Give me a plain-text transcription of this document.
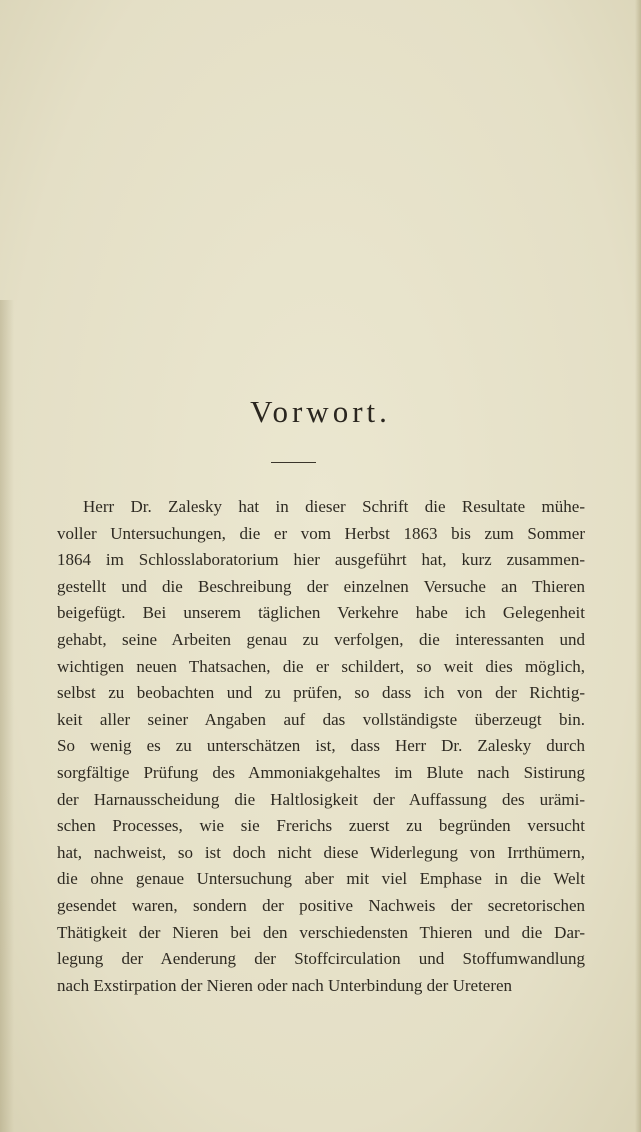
Vorwort.
Herr Dr. Zalesky hat in dieser Schrift die Resultate mühe-
voller Untersuchungen, die er vom Herbst 1863 bis zum Sommer
1864 im Schlosslaboratorium hier ausgeführt hat, kurz zusammen-
gestellt und die Beschreibung der einzelnen Versuche an Thieren
beigefügt. Bei unserem täglichen Verkehre habe ich Gelegenheit
gehabt, seine Arbeiten genau zu verfolgen, die interessanten und
wichtigen neuen Thatsachen, die er schildert, so weit dies möglich,
selbst zu beobachten und zu prüfen, so dass ich von der Richtig-
keit aller seiner Angaben auf das vollständigste überzeugt bin.
So wenig es zu unterschätzen ist, dass Herr Dr. Zalesky durch
sorgfältige Prüfung des Ammoniakgehaltes im Blute nach Sistirung
der Harnausscheidung die Haltlosigkeit der Auffassung des urämi-
schen Processes, wie sie Frerichs zuerst zu begründen versucht
hat, nachweist, so ist doch nicht diese Widerlegung von Irrthümern,
die ohne genaue Untersuchung aber mit viel Emphase in die Welt
gesendet waren, sondern der positive Nachweis der secretorischen
Thätigkeit der Nieren bei den verschiedensten Thieren und die Dar-
legung der Aenderung der Stoffcirculation und Stoffumwandlung
nach Exstirpation der Nieren oder nach Unterbindung der Ureteren
